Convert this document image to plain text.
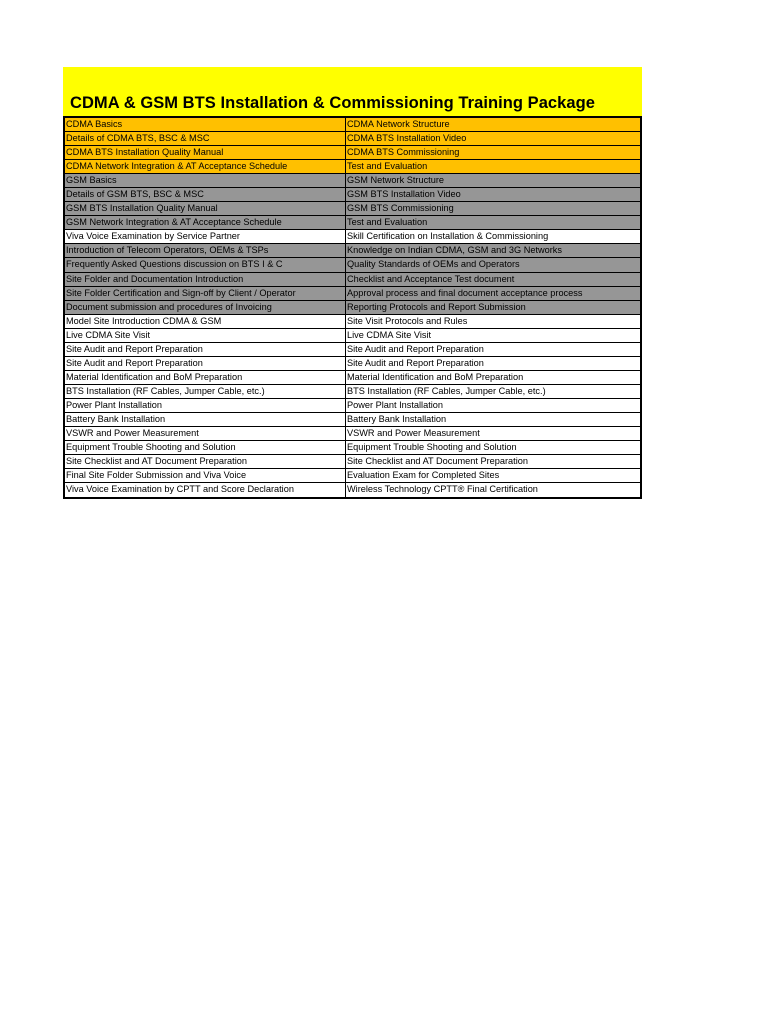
CDMA & GSM BTS Installation & Commissioning Training Package
CDMA Basics	CDMA Network Structure
Details of CDMA BTS, BSC & MSC	CDMA BTS Installation Video
CDMA BTS Installation Quality Manual	CDMA BTS Commissioning
CDMA Network Integration & AT Acceptance Schedule	Test and Evaluation
GSM Basics	GSM Network Structure
Details of GSM BTS, BSC & MSC	GSM BTS Installation Video
GSM BTS Installation Quality Manual	GSM BTS Commissioning
GSM Network Integration & AT Acceptance Schedule	Test and Evaluation
Viva Voice Examination by Service Partner	Skill Certification on Installation & Commissioning
Introduction of Telecom Operators, OEMs & TSPs	Knowledge on Indian CDMA, GSM and 3G Networks
Frequently Asked Questions discussion on BTS I & C	Quality Standards of OEMs and Operators
Site Folder and Documentation Introduction	Checklist and Acceptance Test document
Site Folder Certification and Sign-off by Client / Operator	Approval process and final document acceptance process
Document submission and procedures of Invoicing	Reporting Protocols and Report Submission
Model Site Introduction CDMA & GSM	Site Visit Protocols and Rules
Live CDMA Site Visit	Live CDMA Site Visit
Site Audit and Report Preparation	Site Audit and Report Preparation
Site Audit and Report Preparation	Site Audit and Report Preparation
Material Identification and BoM Preparation	Material Identification and BoM Preparation
BTS Installation (RF Cables, Jumper Cable, etc.)	BTS Installation (RF Cables, Jumper Cable, etc.)
Power Plant Installation	Power Plant Installation
Battery Bank Installation	Battery Bank Installation
VSWR and Power Measurement	VSWR and Power Measurement
Equipment Trouble Shooting and Solution	Equipment Trouble Shooting and Solution
Site Checklist and AT Document Preparation	Site Checklist and AT Document Preparation
Final Site Folder Submission and Viva Voice	Evaluation Exam for Completed Sites
Viva Voice Examination by CPTT and Score Declaration	Wireless Technology CPTT® Final Certification
